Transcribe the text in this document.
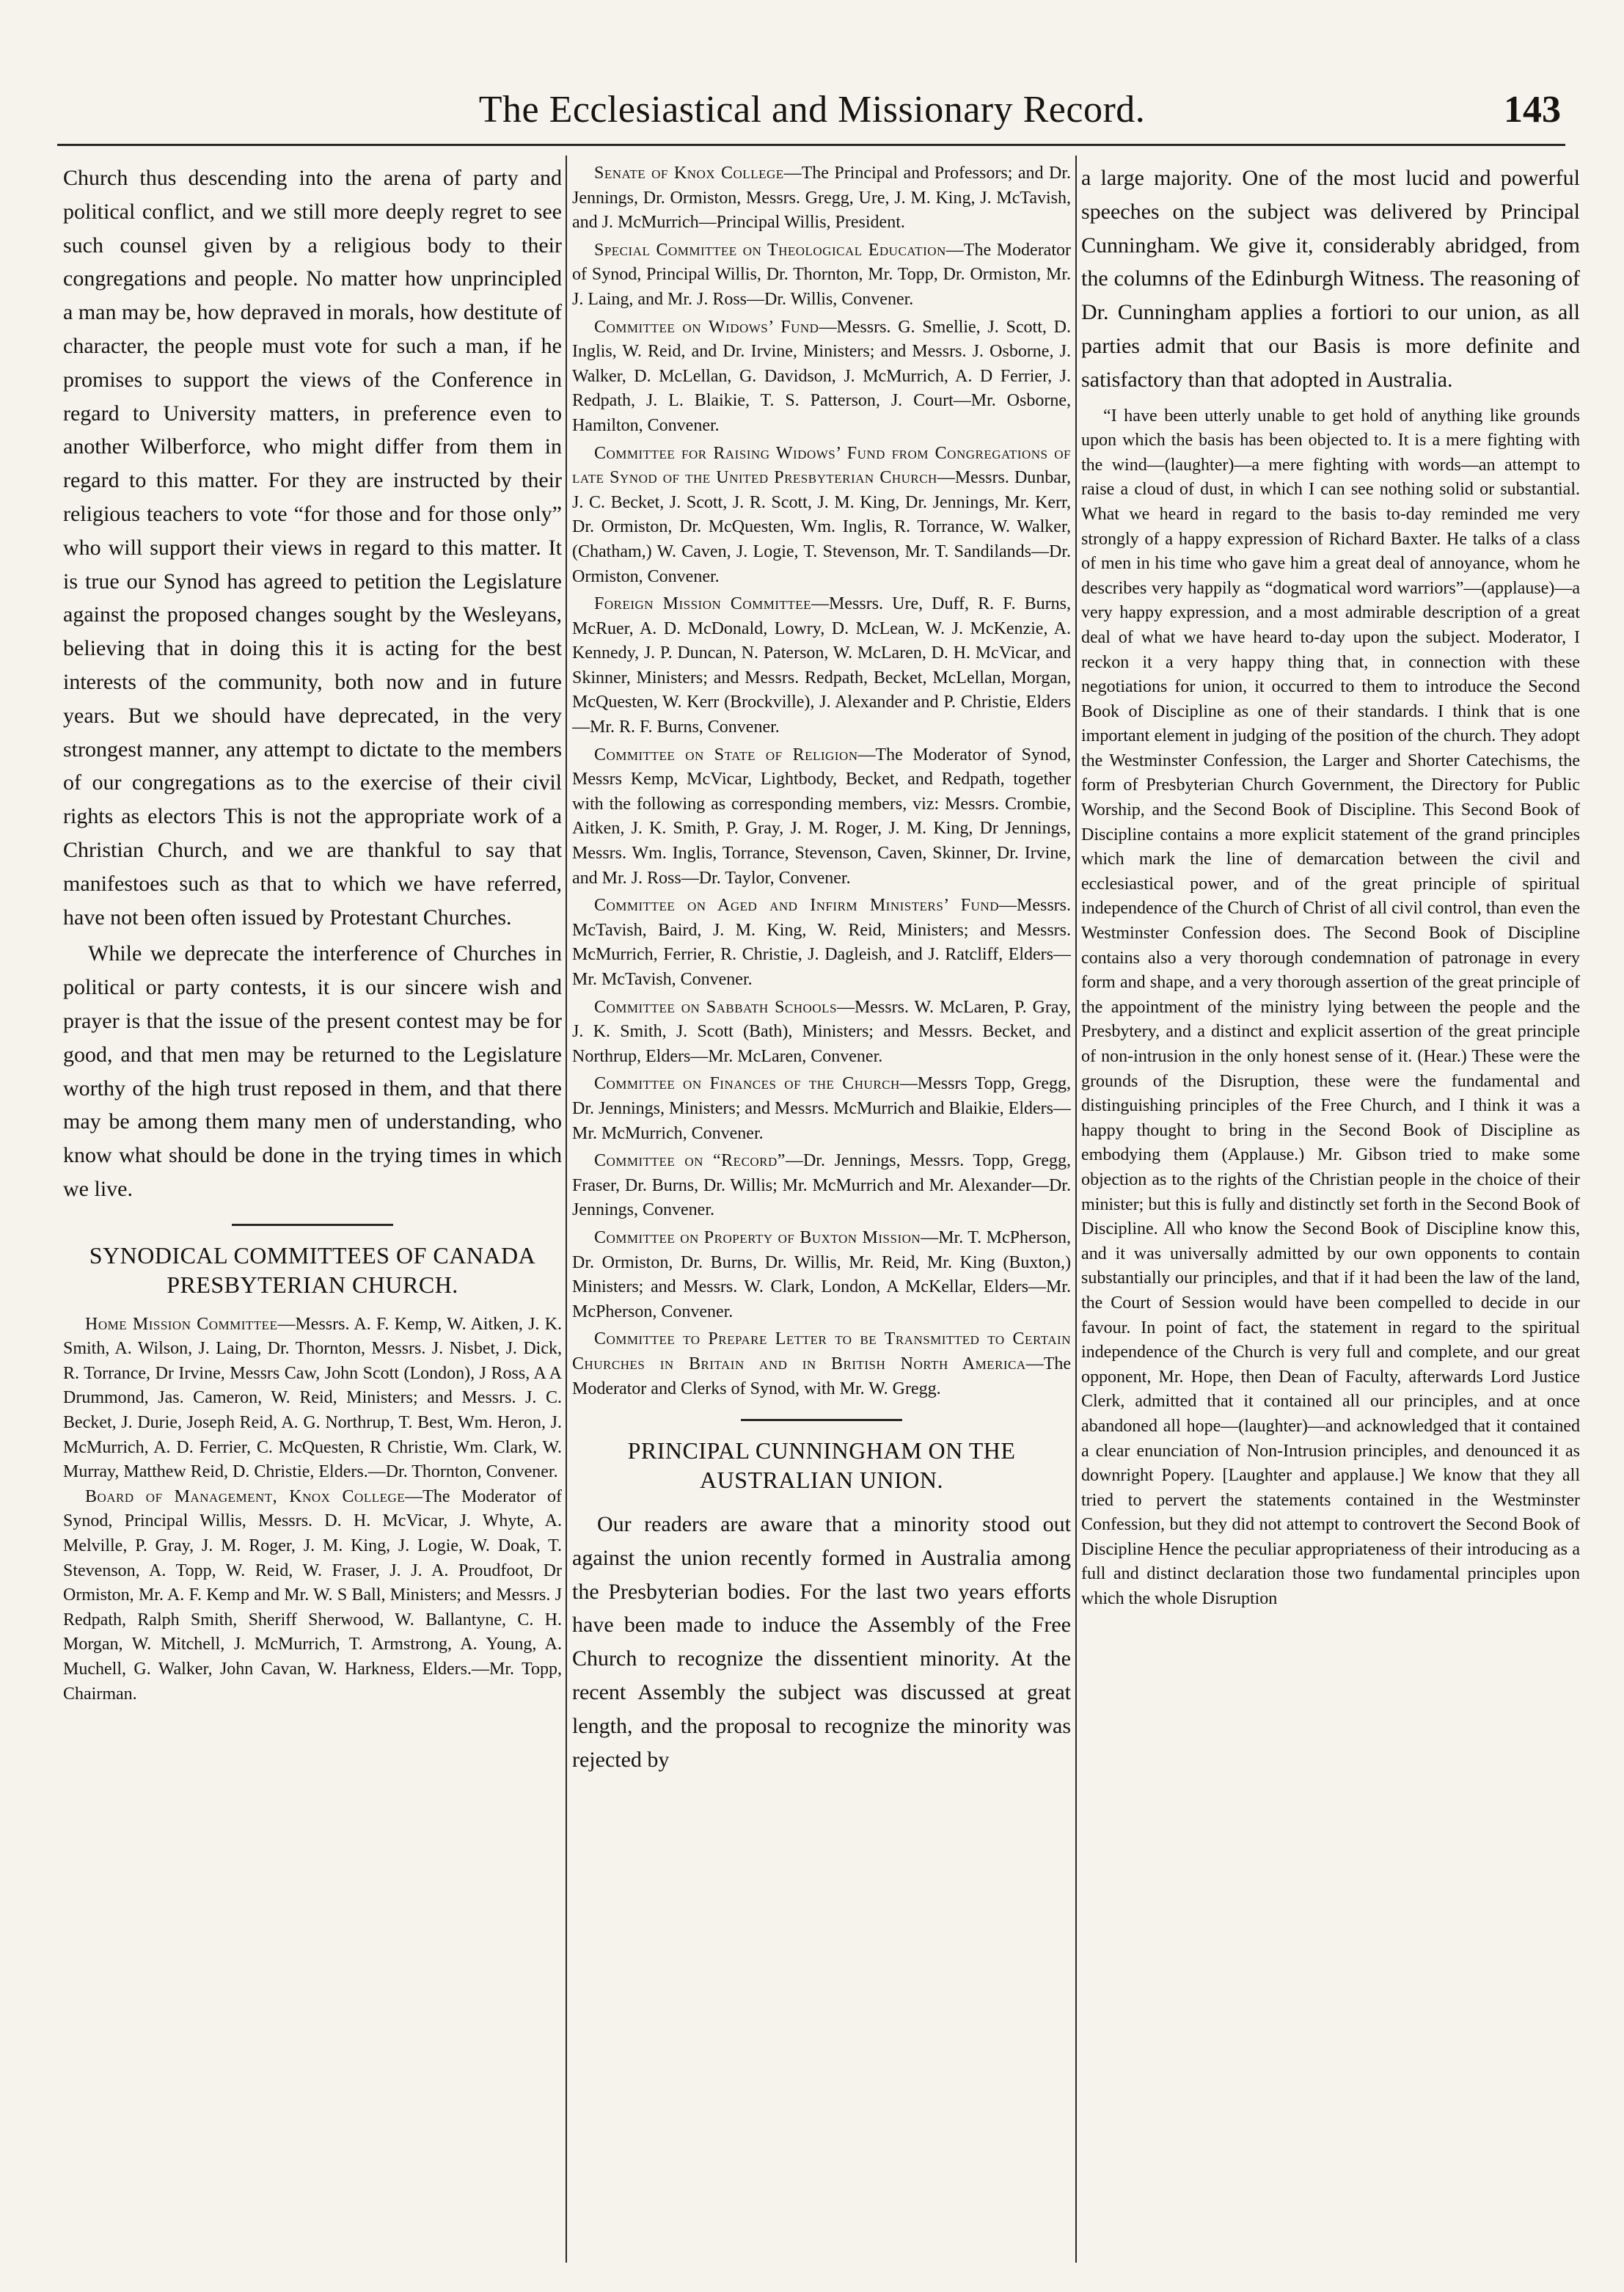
The Ecclesiastical and Missionary Record.	143

Church thus descending into the arena of party and political conflict, and we still more deeply regret to see such counsel given by a religious body to their congregations and people. No matter how unprincipled a man may be, how depraved in morals, how destitute of character, the people must vote for such a man, if he promises to support the views of the Conference in regard to University matters, in preference even to another Wilberforce, who might differ from them in regard to this matter. For they are instructed by their religious teachers to vote “for those and for those only” who will support their views in regard to this matter. It is true our Synod has agreed to petition the Legislature against the proposed changes sought by the Wesleyans, believing that in doing this it is acting for the best interests of the community, both now and in future years. But we should have deprecated, in the very strongest manner, any attempt to dictate to the members of our congregations as to the exercise of their civil rights as electors This is not the appropriate work of a Christian Church, and we are thankful to say that manifestoes such as that to which we have referred, have not been often issued by Protestant Churches.

While we deprecate the interference of Churches in political or party contests, it is our sincere wish and prayer is that the issue of the present contest may be for good, and that men may be returned to the Legislature worthy of the high trust reposed in them, and that there may be among them many men of understanding, who know what should be done in the trying times in which we live.

SYNODICAL COMMITTEES OF CANADA PRESBYTERIAN CHURCH.

Home Mission Committee—Messrs. A. F. Kemp, W. Aitken, J. K. Smith, A. Wilson, J. Laing, Dr. Thornton, Messrs. J. Nisbet, J. Dick, R. Torrance, Dr Irvine, Messrs Caw, John Scott (London), J Ross, A A Drummond, Jas. Cameron, W. Reid, Ministers; and Messrs. J. C. Becket, J. Durie, Joseph Reid, A. G. Northrup, T. Best, Wm. Heron, J. McMurrich, A. D. Ferrier, C. McQuesten, R Christie, Wm. Clark, W. Murray, Matthew Reid, D. Christie, Elders.—Dr. Thornton, Convener.

Board of Management, Knox College—The Moderator of Synod, Principal Willis, Messrs. D. H. McVicar, J. Whyte, A. Melville, P. Gray, J. M. Roger, J. M. King, J. Logie, W. Doak, T. Stevenson, A. Topp, W. Reid, W. Fraser, J. J. A. Proudfoot, Dr Ormiston, Mr. A. F. Kemp and Mr. W. S Ball, Ministers; and Messrs. J Redpath, Ralph Smith, Sheriff Sherwood, W. Ballantyne, C. H. Morgan, W. Mitchell, J. McMurrich, T. Armstrong, A. Young, A. Muchell, G. Walker, John Cavan, W. Harkness, Elders.—Mr. Topp, Chairman.

Senate of Knox College—The Principal and Professors; and Dr. Jennings, Dr. Ormiston, Messrs. Gregg, Ure, J. M. King, J. McTavish, and J. McMurrich—Principal Willis, President.

Special Committee on Theological Education—The Moderator of Synod, Principal Willis, Dr. Thornton, Mr. Topp, Dr. Ormiston, Mr. J. Laing, and Mr. J. Ross—Dr. Willis, Convener.

Committee on Widows’ Fund—Messrs. G. Smellie, J. Scott, D. Inglis, W. Reid, and Dr. Irvine, Ministers; and Messrs. J. Osborne, J. Walker, D. McLellan, G. Davidson, J. McMurrich, A. D Ferrier, J. Redpath, J. L. Blaikie, T. S. Patterson, J. Court—Mr. Osborne, Hamilton, Convener.

Committee for Raising Widows’ Fund from Congregations of late Synod of the United Presbyterian Church—Messrs. Dunbar, J. C. Becket, J. Scott, J. R. Scott, J. M. King, Dr. Jennings, Mr. Kerr, Dr. Ormiston, Dr. McQuesten, Wm. Inglis, R. Torrance, W. Walker, (Chatham,) W. Caven, J. Logie, T. Stevenson, Mr. T. Sandilands—Dr. Ormiston, Convener.

Foreign Mission Committee—Messrs. Ure, Duff, R. F. Burns, McRuer, A. D. McDonald, Lowry, D. McLean, W. J. McKenzie, A. Kennedy, J. P. Duncan, N. Paterson, W. McLaren, D. H. McVicar, and Skinner, Ministers; and Messrs. Redpath, Becket, McLellan, Morgan, McQuesten, W. Kerr (Brockville), J. Alexander and P. Christie, Elders—Mr. R. F. Burns, Convener.

Committee on State of Religion—The Moderator of Synod, Messrs Kemp, McVicar, Lightbody, Becket, and Redpath, together with the following as corresponding members, viz: Messrs. Crombie, Aitken, J. K. Smith, P. Gray, J. M. Roger, J. M. King, Dr Jennings, Messrs. Wm. Inglis, Torrance, Stevenson, Caven, Skinner, Dr. Irvine, and Mr. J. Ross—Dr. Taylor, Convener.

Committee on Aged and Infirm Ministers’ Fund—Messrs. McTavish, Baird, J. M. King, W. Reid, Ministers; and Messrs. McMurrich, Ferrier, R. Christie, J. Dagleish, and J. Ratcliff, Elders—Mr. McTavish, Convener.

Committee on Sabbath Schools—Messrs. W. McLaren, P. Gray, J. K. Smith, J. Scott (Bath), Ministers; and Messrs. Becket, and Northrup, Elders—Mr. McLaren, Convener.

Committee on Finances of the Church—Messrs Topp, Gregg, Dr. Jennings, Ministers; and Messrs. McMurrich and Blaikie, Elders—Mr. McMurrich, Convener.

Committee on “Record”—Dr. Jennings, Messrs. Topp, Gregg, Fraser, Dr. Burns, Dr. Willis; Mr. McMurrich and Mr. Alexander—Dr. Jennings, Convener.

Committee on Property of Buxton Mission—Mr. T. McPherson, Dr. Ormiston, Dr. Burns, Dr. Willis, Mr. Reid, Mr. King (Buxton,) Ministers; and Messrs. W. Clark, London, A McKellar, Elders—Mr. McPherson, Convener.

Committee to Prepare Letter to be Transmitted to Certain Churches in Britain and in British North America—The Moderator and Clerks of Synod, with Mr. W. Gregg.

PRINCIPAL CUNNINGHAM ON THE AUSTRALIAN UNION.

Our readers are aware that a minority stood out against the union recently formed in Australia among the Presbyterian bodies. For the last two years efforts have been made to induce the Assembly of the Free Church to recognize the dissentient minority. At the recent Assembly the subject was discussed at great length, and the proposal to recognize the minority was rejected by

a large majority. One of the most lucid and powerful speeches on the subject was delivered by Principal Cunningham. We give it, considerably abridged, from the columns of the Edinburgh Witness. The reasoning of Dr. Cunningham applies a fortiori to our union, as all parties admit that our Basis is more definite and satisfactory than that adopted in Australia.

“I have been utterly unable to get hold of anything like grounds upon which the basis has been objected to. It is a mere fighting with the wind—(laughter)—a mere fighting with words—an attempt to raise a cloud of dust, in which I can see nothing solid or substantial. What we heard in regard to the basis to-day reminded me very strongly of a happy expression of Richard Baxter. He talks of a class of men in his time who gave him a great deal of annoyance, whom he describes very happily as “dogmatical word warriors”—(applause)—a very happy expression, and a most admirable description of a great deal of what we have heard to-day upon the subject. Moderator, I reckon it a very happy thing that, in connection with these negotiations for union, it occurred to them to introduce the Second Book of Discipline as one of their standards. I think that is one important element in judging of the position of the church. They adopt the Westminster Confession, the Larger and Shorter Catechisms, the form of Presbyterian Church Government, the Directory for Public Worship, and the Second Book of Discipline. This Second Book of Discipline contains a more explicit statement of the grand principles which mark the line of demarcation between the civil and ecclesiastical power, and of the great principle of spiritual independence of the Church of Christ of all civil control, than even the Westminster Confession does. The Second Book of Discipline contains also a very thorough condemnation of patronage in every form and shape, and a very thorough assertion of the great principle of the appointment of the ministry lying between the people and the Presbytery, and a distinct and explicit assertion of the great principle of non-intrusion in the only honest sense of it. (Hear.) These were the grounds of the Disruption, these were the fundamental and distinguishing principles of the Free Church, and I think it was a happy thought to bring in the Second Book of Discipline as embodying them (Applause.) Mr. Gibson tried to make some objection as to the rights of the Christian people in the choice of their minister; but this is fully and distinctly set forth in the Second Book of Discipline. All who know the Second Book of Discipline know this, and it was universally admitted by our own opponents to contain substantially our principles, and that if it had been the law of the land, the Court of Session would have been compelled to decide in our favour. In point of fact, the statement in regard to the spiritual independence of the Church is very full and complete, and our great opponent, Mr. Hope, then Dean of Faculty, afterwards Lord Justice Clerk, admitted that it contained all our principles, and at once abandoned all hope—(laughter)—and acknowledged that it contained a clear enunciation of Non-Intrusion principles, and denounced it as downright Popery. [Laughter and applause.] We know that they all tried to pervert the statements contained in the Westminster Confession, but they did not attempt to controvert the Second Book of Discipline Hence the peculiar appropriateness of their introducing as a full and distinct declaration those two fundamental principles upon which the whole Disruption
